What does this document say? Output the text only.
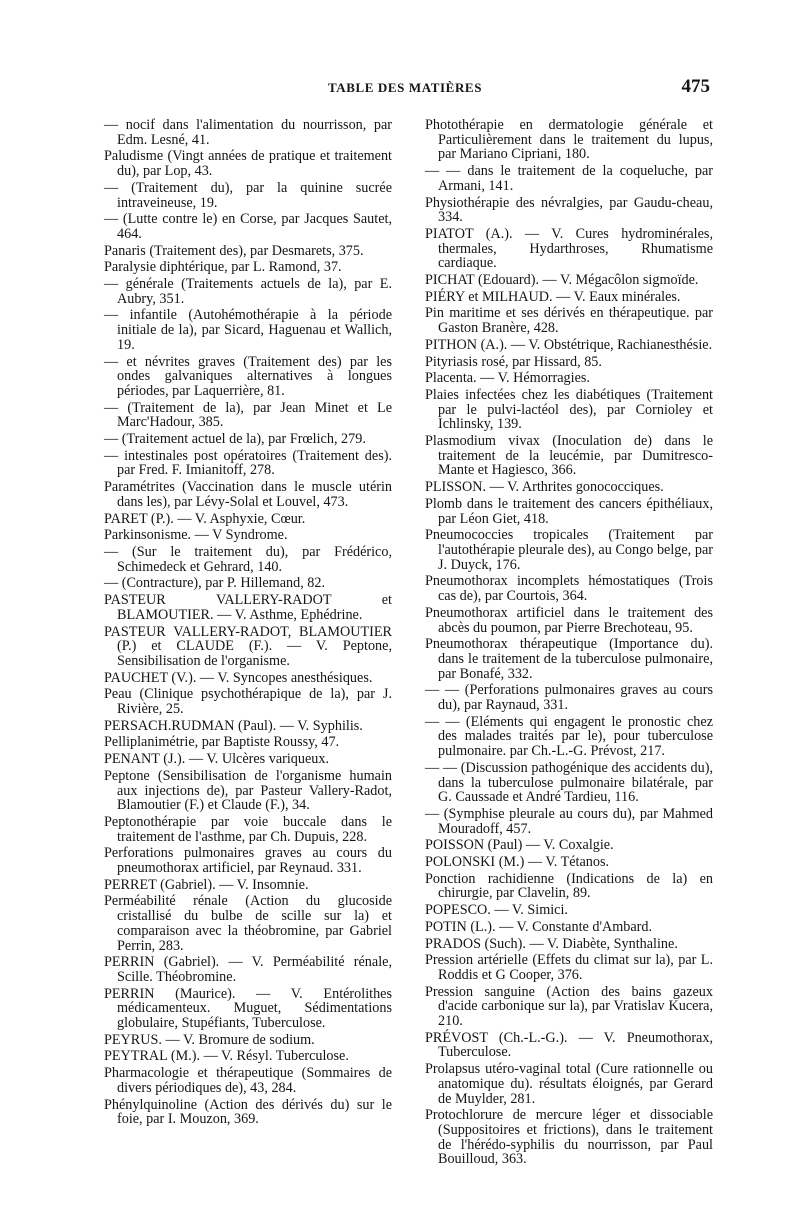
TABLE DES MATIÈRES	475

— nocif dans l'alimentation du nourrisson, par Edm. Lesné, 41.

Paludisme (Vingt années de pratique et traitement du), par Lop, 43.

— (Traitement du), par la quinine sucrée intraveineuse, 19.

— (Lutte contre le) en Corse, par Jacques Sautet, 464.

Panaris (Traitement des), par Desmarets, 375.

Paralysie diphtérique, par L. Ramond, 37.

— générale (Traitements actuels de la), par E. Aubry, 351.

— infantile (Autohémothérapie à la période initiale de la), par Sicard, Haguenau et Wallich, 19.

— et névrites graves (Traitement des) par les ondes galvaniques alternatives à longues périodes, par Laquerrière, 81.

— (Traitement de la), par Jean Minet et Le Marc'Hadour, 385.

— (Traitement actuel de la), par Frœlich, 279.

— intestinales post opératoires (Traitement des). par Fred. F. Imianitoff, 278.

Paramétrites (Vaccination dans le muscle utérin dans les), par Lévy-Solal et Louvel, 473.

PARET (P.). — V. Asphyxie, Cœur.

Parkinsonisme. — V Syndrome.

— (Sur le traitement du), par Frédérico, Schimedeck et Gehrard, 140.

— (Contracture), par P. Hillemand, 82.

PASTEUR VALLERY-RADOT et BLAMOUTIER. — V. Asthme, Ephédrine.

PASTEUR VALLERY-RADOT, BLAMOUTIER (P.) et CLAUDE (F.). — V. Peptone, Sensibilisation de l'organisme.

PAUCHET (V.). — V. Syncopes anesthésiques.

Peau (Clinique psychothérapique de la), par J. Rivière, 25.

PERSACH.RUDMAN (Paul). — V. Syphilis.

Pelliplanimétrie, par Baptiste Roussy, 47.

PENANT (J.). — V. Ulcères variqueux.

Peptone (Sensibilisation de l'organisme humain aux injections de), par Pasteur Vallery-Radot, Blamoutier (F.) et Claude (F.), 34.

Peptonothérapie par voie buccale dans le traitement de l'asthme, par Ch. Dupuis, 228.

Perforations pulmonaires graves au cours du pneumothorax artificiel, par Reynaud. 331.

PERRET (Gabriel). — V. Insomnie.

Perméabilité rénale (Action du glucoside cristallisé du bulbe de scille sur la) et comparaison avec la théobromine, par Gabriel Perrin, 283.

PERRIN (Gabriel). — V. Perméabilité rénale, Scille. Théobromine.

PERRIN (Maurice). — V. Entérolithes médicamenteux. Muguet, Sédimentations globulaire, Stupéfiants, Tuberculose.

PEYRUS. — V. Bromure de sodium.

PEYTRAL (M.). — V. Résyl. Tuberculose.

Pharmacologie et thérapeutique (Sommaires de divers périodiques de), 43, 284.

Phénylquinoline (Action des dérivés du) sur le foie, par I. Mouzon, 369.

Photothérapie en dermatologie générale et Particulièrement dans le traitement du lupus, par Mariano Cipriani, 180.

— — dans le traitement de la coqueluche, par Armani, 141.

Physiothérapie des névralgies, par Gaudu-cheau, 334.

PIATOT (A.). — V. Cures hydrominérales, thermales, Hydarthroses, Rhumatisme cardiaque.

PICHAT (Edouard). — V. Mégacôlon sigmoïde.

PIÉRY et MILHAUD. — V. Eaux minérales.

Pin maritime et ses dérivés en thérapeutique. par Gaston Branère, 428.

PITHON (A.). — V. Obstétrique, Rachianesthésie.

Pityriasis rosé, par Hissard, 85.

Placenta. — V. Hémorragies.

Plaies infectées chez les diabétiques (Traitement par le pulvi-lactéol des), par Cornioley et Ichlinsky, 139.

Plasmodium vivax (Inoculation de) dans le traitement de la leucémie, par Dumitresco-Mante et Hagiesco, 366.

PLISSON. — V. Arthrites gonococciques.

Plomb dans le traitement des cancers épithéliaux, par Léon Giet, 418.

Pneumococcies tropicales (Traitement par l'autothérapie pleurale des), au Congo belge, par J. Duyck, 176.

Pneumothorax incomplets hémostatiques (Trois cas de), par Courtois, 364.

Pneumothorax artificiel dans le traitement des abcès du poumon, par Pierre Brechoteau, 95.

Pneumothorax thérapeutique (Importance du). dans le traitement de la tuberculose pulmonaire, par Bonafé, 332.

— — (Perforations pulmonaires graves au cours du), par Raynaud, 331.

— — (Eléments qui engagent le pronostic chez des malades traités par le), pour tuberculose pulmonaire. par Ch.-L.-G. Prévost, 217.

— — (Discussion pathogénique des accidents du), dans la tuberculose pulmonaire bilatérale, par G. Caussade et André Tardieu, 116.

— (Symphise pleurale au cours du), par Mahmed Mouradoff, 457.

POISSON (Paul) — V. Coxalgie.

POLONSKI (M.) — V. Tétanos.

Ponction rachidienne (Indications de la) en chirurgie, par Clavelin, 89.

POPESCO. — V. Simici.

POTIN (L.). — V. Constante d'Ambard.

PRADOS (Such). — V. Diabète, Synthaline.

Pression artérielle (Effets du climat sur la), par L. Roddis et G Cooper, 376.

Pression sanguine (Action des bains gazeux d'acide carbonique sur la), par Vratislav Kucera, 210.

PRÉVOST (Ch.-L.-G.). — V. Pneumothorax, Tuberculose.

Prolapsus utéro-vaginal total (Cure rationnelle ou anatomique du). résultats éloignés, par Gerard de Muylder, 281.

Protochlorure de mercure léger et dissociable (Suppositoires et frictions), dans le traitement de l'hérédo-syphilis du nourrisson, par Paul Bouilloud, 363.
